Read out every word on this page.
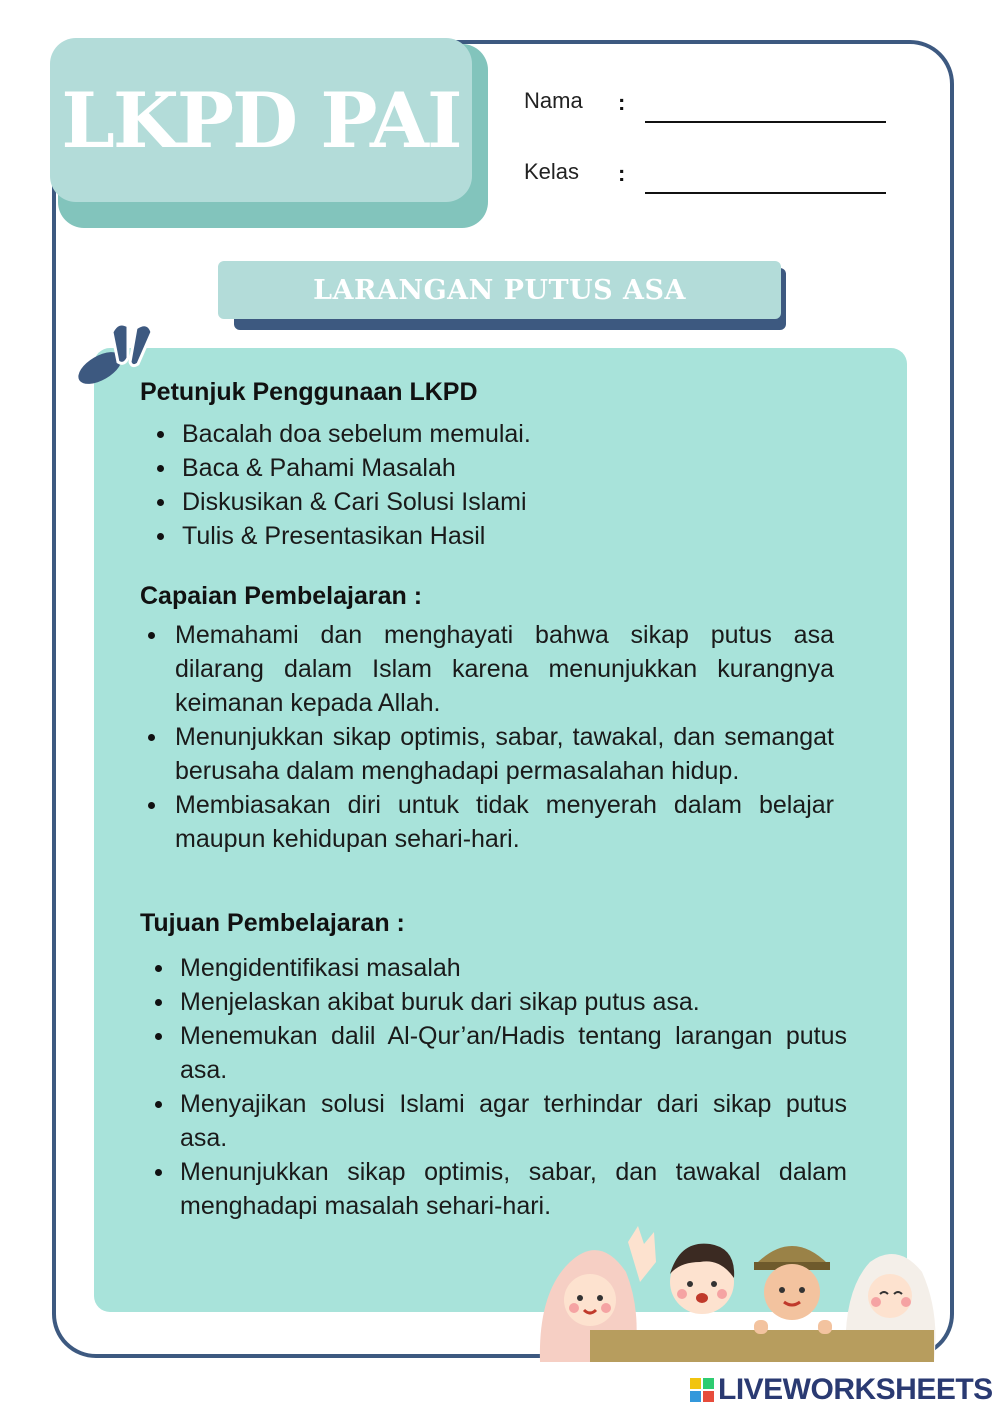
LKPD PAI	Nama :
Kelas :
LARANGAN PUTUS ASA
Petunjuk Penggunaan LKPD
Bacalah doa sebelum memulai.
Baca & Pahami Masalah
Diskusikan & Cari Solusi Islami
Tulis & Presentasikan Hasil
Capaian Pembelajaran :
Memahami dan menghayati bahwa sikap putus asa dilarang dalam Islam karena menunjukkan kurangnya keimanan kepada Allah.
Menunjukkan sikap optimis, sabar, tawakal, dan semangat berusaha dalam menghadapi permasalahan hidup.
Membiasakan diri untuk tidak menyerah dalam belajar maupun kehidupan sehari-hari.
Tujuan Pembelajaran :
Mengidentifikasi masalah
Menjelaskan akibat buruk dari sikap putus asa.
Menemukan dalil Al-Qur’an/Hadis tentang larangan putus asa.
Menyajikan solusi Islami agar terhindar dari sikap putus asa.
Menunjukkan sikap optimis, sabar, dan tawakal dalam menghadapi masalah sehari-hari.
LIVEWORKSHEETS
